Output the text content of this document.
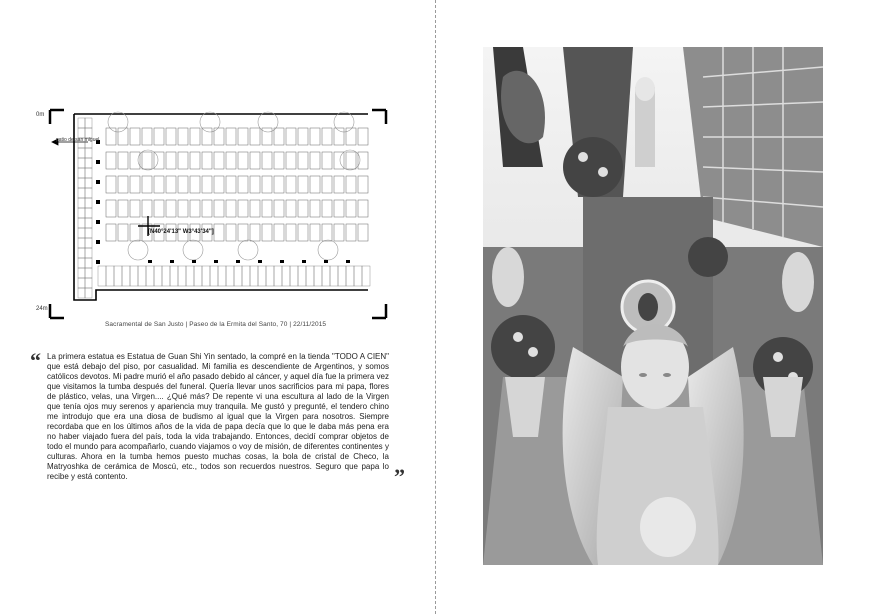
0m
24m
patio de san miguel
[N40°24'13" W3°43'34"]
Sacramental de San Justo | Paseo de la Ermita del Santo, 70 | 22/11/2015
“ La primera estatua es Estatua de Guan Shi Yin sentado, la compré en la tienda "TODO A CIEN" que está debajo del piso, por casualidad. Mi familia es descendiente de Argentinos, y somos católicos devotos. Mi padre murió el año pasado debido al cáncer, y aquel día fue la primera vez que visitamos la tumba después del funeral. Quería llevar unos sacrificios para mi papa, flores de plástico, velas, una Virgen.... ¿Qué más? De repente vi una escultura al lado de la Virgen que tenía ojos muy serenos y apariencia muy tranquila. Me gustó y pregunté, el tendero chino me introdujo que era una diosa de budismo al igual que la Virgen para nosotros. Siempre recordaba que en los últimos años de la vida de papa decía que lo que le daba más pena era no haber viajado fuera del país, toda la vida trabajando. Entonces, decidí comprar objetos de todo el mundo para acompañarlo, cuando viajamos o voy de misión, de diferentes continentes y culturas. Ahora en la tumba hemos puesto muchas cosas, la bola de cristal de Checo, la Matryoshka de cerámica de Moscú, etc., todos son recuerdos nuestros. Seguro que papa lo recibe y está contento.	”
